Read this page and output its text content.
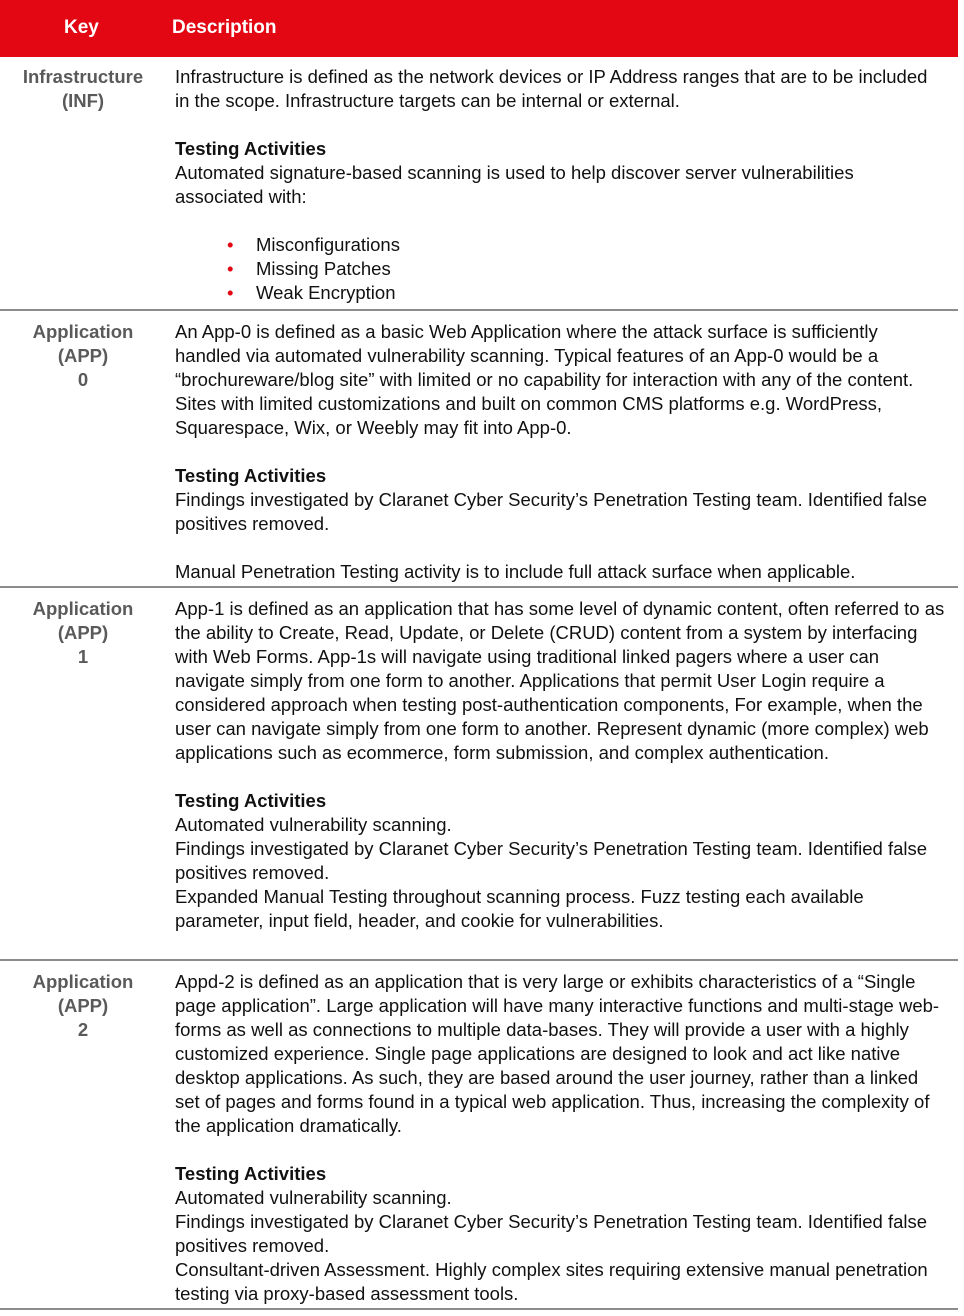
Key	Description
Infrastructure
(INF)

Infrastructure is defined as the network devices or IP Address ranges that are to be included in the scope. Infrastructure targets can be internal or external.

Testing Activities

Automated signature-based scanning is used to help discover server vulnerabilities associated with:

• Misconfigurations
• Missing Patches
• Weak Encryption
Application
(APP)
0

An App-0 is defined as a basic Web Application where the attack surface is sufficiently handled via automated vulnerability scanning. Typical features of an App-0 would be a “brochureware/blog site” with limited or no capability for interaction with any of the content. Sites with limited customizations and built on common CMS platforms e.g. WordPress, Squarespace, Wix, or Weebly may fit into App-0.

Testing Activities

Findings investigated by Claranet Cyber Security’s Penetration Testing team. Identified false positives removed.

Manual Penetration Testing activity is to include full attack surface when applicable.

Application
(APP)
1

App-1 is defined as an application that has some level of dynamic content, often referred to as the ability to Create, Read, Update, or Delete (CRUD) content from a system by interfacing with Web Forms. App-1s will navigate using traditional linked pagers where a user can navigate simply from one form to another. Applications that permit User Login require a considered approach when testing post-authentication components, For example, when the user can navigate simply from one form to another. Represent dynamic (more complex) web applications such as ecommerce, form submission, and complex authentication.

Testing Activities

Automated vulnerability scanning.

Findings investigated by Claranet Cyber Security’s Penetration Testing team. Identified false positives removed.

Expanded Manual Testing throughout scanning process. Fuzz testing each available parameter, input field, header, and cookie for vulnerabilities.

Application
(APP)
2

Appd-2 is defined as an application that is very large or exhibits characteristics of a “Single page application”. Large application will have many interactive functions and multi-stage web-forms as well as connections to multiple data-bases. They will provide a user with a highly customized experience. Single page applications are designed to look and act like native desktop applications. As such, they are based around the user journey, rather than a linked set of pages and forms found in a typical web application. Thus, increasing the complexity of the application dramatically.

Testing Activities

Automated vulnerability scanning.

Findings investigated by Claranet Cyber Security’s Penetration Testing team. Identified false positives removed.

Consultant-driven Assessment. Highly complex sites requiring extensive manual penetration testing via proxy-based assessment tools.
